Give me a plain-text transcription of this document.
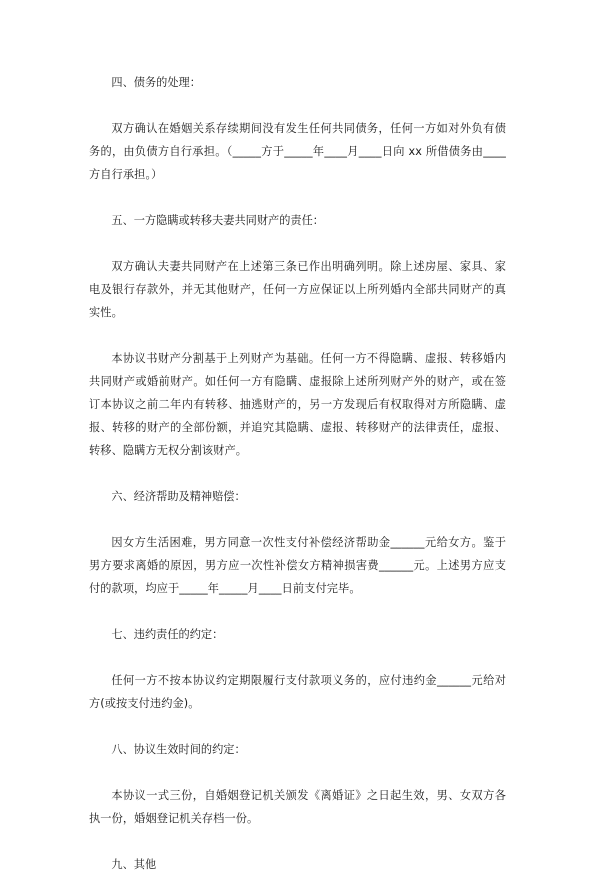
四、债务的处理：

双方确认在婚姻关系存续期间没有发生任何共同债务，任何一方如对外负有债务的，由负债方自行承担。（_____方于_____年____月____日向 xx 所借债务由____方自行承担。）

五、一方隐瞒或转移夫妻共同财产的责任：

双方确认夫妻共同财产在上述第三条已作出明确列明。除上述房屋、家具、家电及银行存款外，并无其他财产，任何一方应保证以上所列婚内全部共同财产的真实性。

本协议书财产分割基于上列财产为基础。任何一方不得隐瞒、虚报、转移婚内共同财产或婚前财产。如任何一方有隐瞒、虚报除上述所列财产外的财产，或在签订本协议之前二年内有转移、抽逃财产的，另一方发现后有权取得对方所隐瞒、虚报、转移的财产的全部份额，并追究其隐瞒、虚报、转移财产的法律责任，虚报、转移、隐瞒方无权分割该财产。

六、经济帮助及精神赔偿：

因女方生活困难，男方同意一次性支付补偿经济帮助金______元给女方。鉴于男方要求离婚的原因，男方应一次性补偿女方精神损害费______元。上述男方应支付的款项，均应于_____年_____月____日前支付完毕。

七、违约责任的约定：

任何一方不按本协议约定期限履行支付款项义务的，应付违约金______元给对方(或按支付违约金)。

八、协议生效时间的约定：

本协议一式三份，自婚姻登记机关颁发《离婚证》之日起生效，男、女双方各执一份，婚姻登记机关存档一份。

九、其他
